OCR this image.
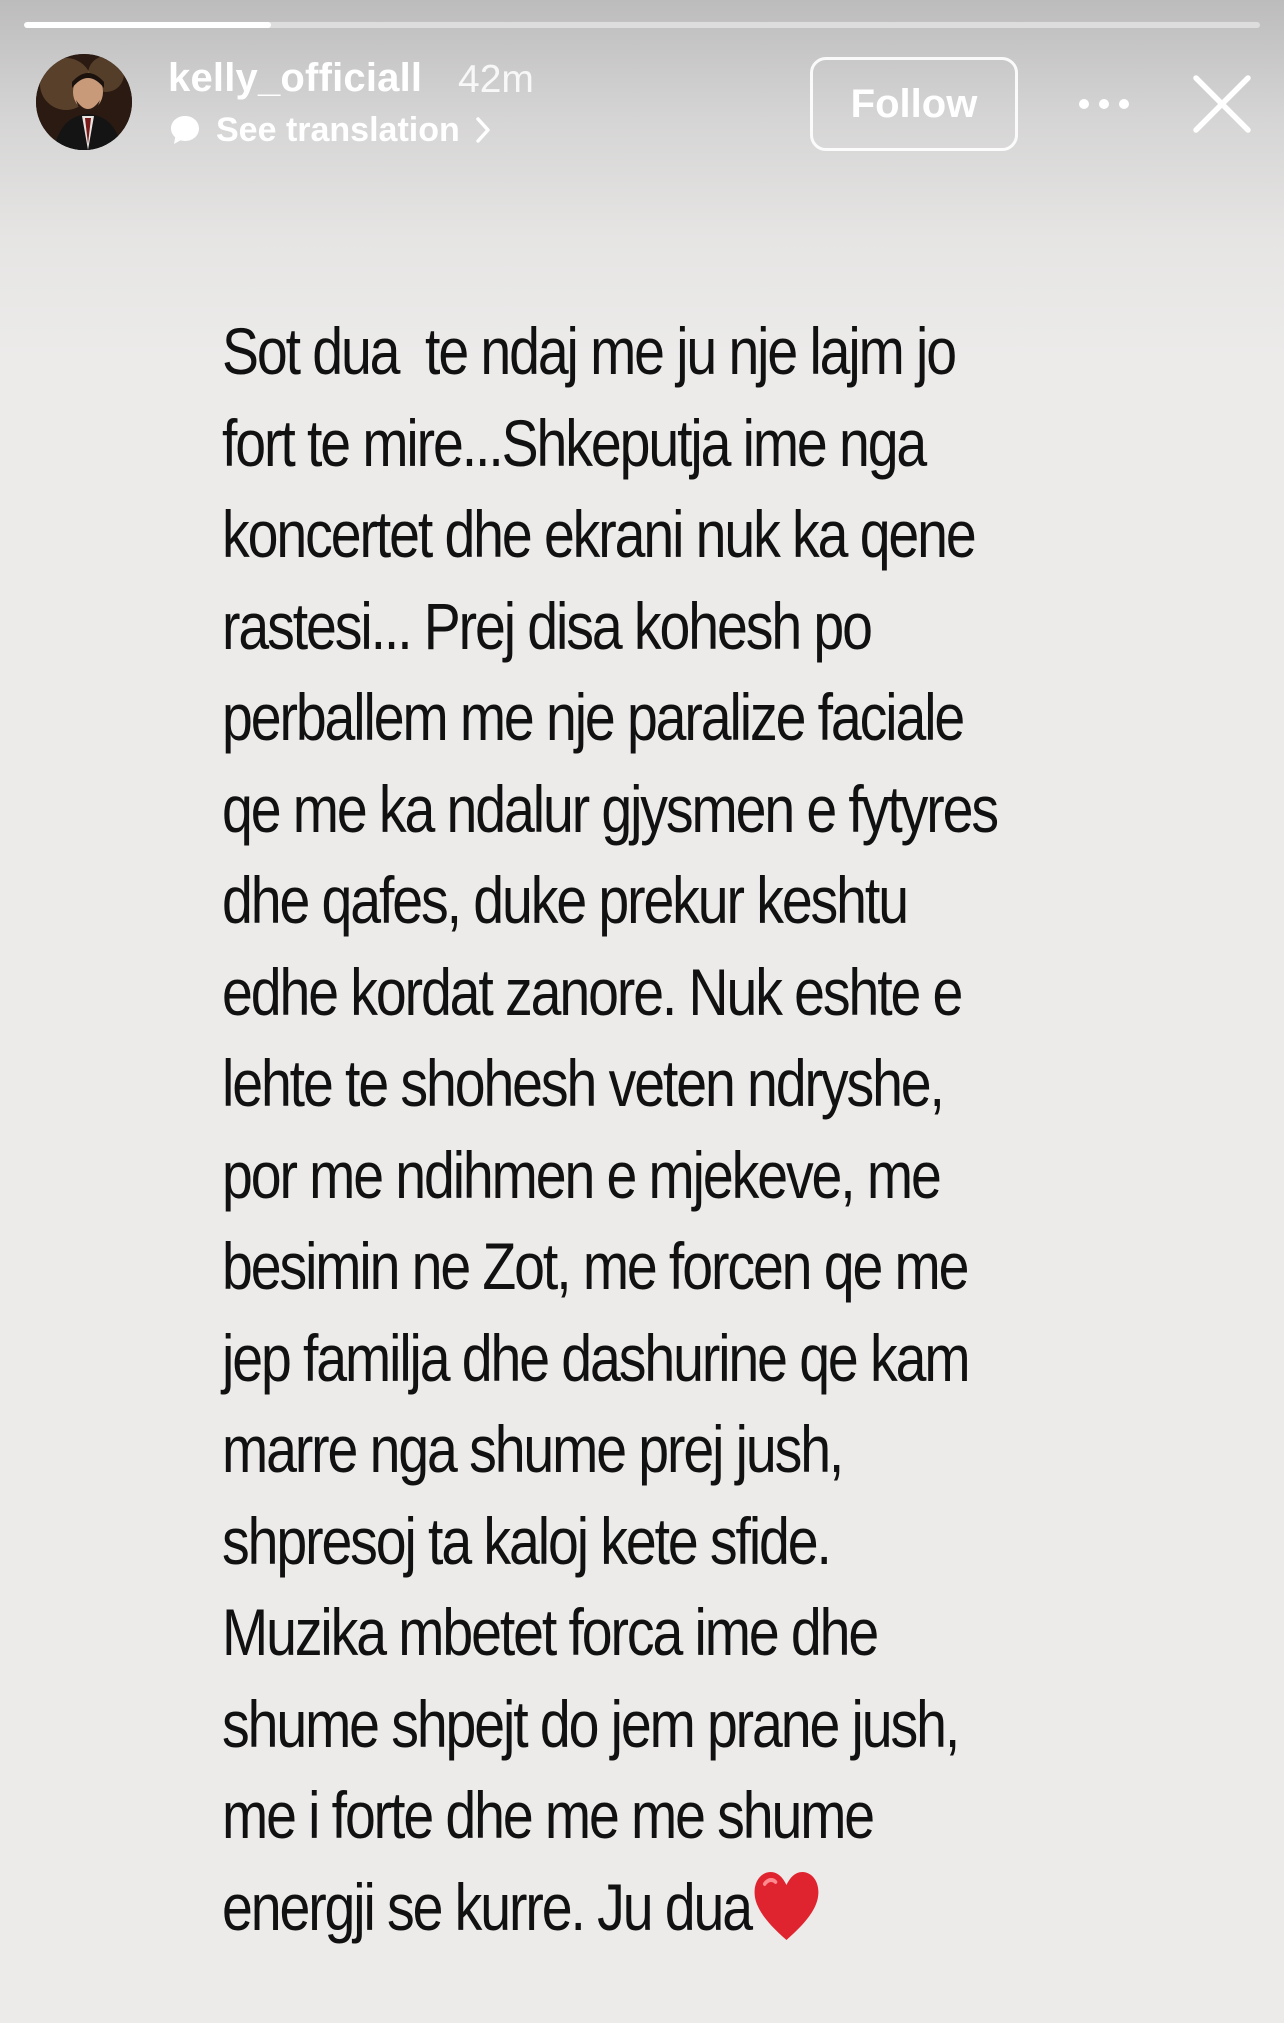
kelly_officiall 42m
See translation
Follow
Sot dua  te ndaj me ju nje lajm jo
fort te mire...Shkeputja ime nga
koncertet dhe ekrani nuk ka qene
rastesi... Prej disa kohesh po
perballem me nje paralize faciale
qe me ka ndalur gjysmen e fytyres
dhe qafes, duke prekur keshtu
edhe kordat zanore. Nuk eshte e
lehte te shohesh veten ndryshe,
por me ndihmen e mjekeve, me
besimin ne Zot, me forcen qe me
jep familja dhe dashurine qe kam
marre nga shume prej jush,
shpresoj ta kaloj kete sfide.
Muzika mbetet forca ime dhe
shume shpejt do jem prane jush,
me i forte dhe me me shume
energji se kurre. Ju dua
